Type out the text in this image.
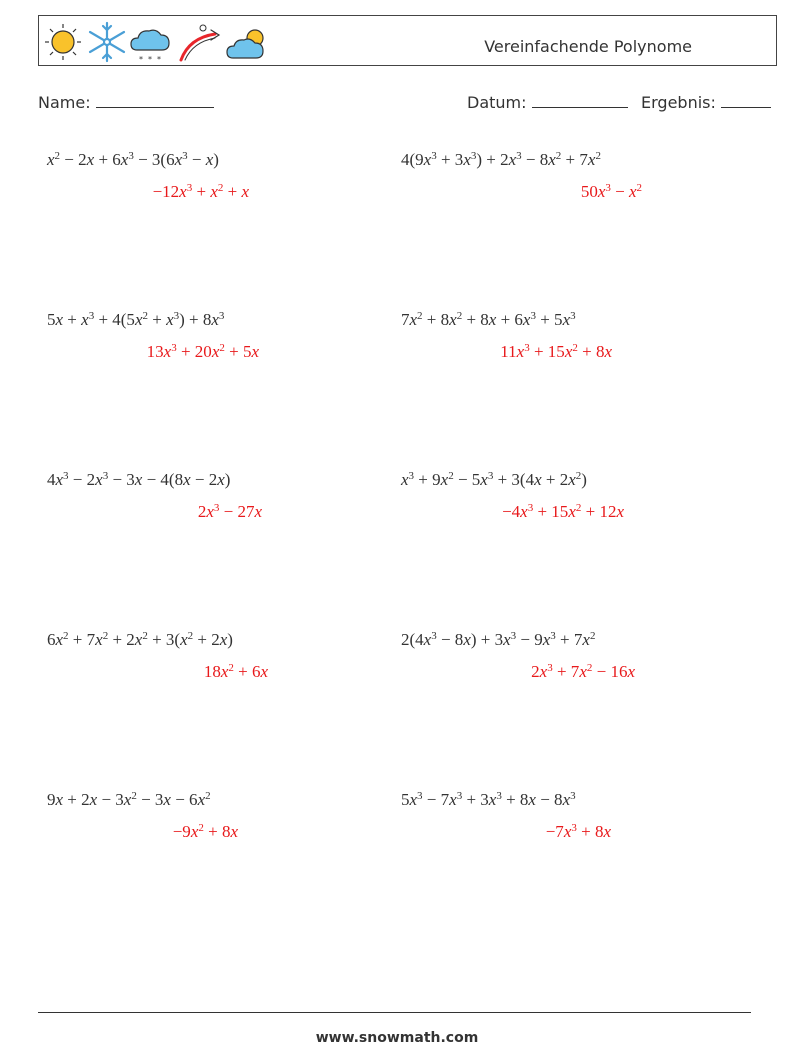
* * *
Vereinfachende Polynome
Name:	Datum:	Ergebnis:
$x^2 - 2x + 6x^3 - 3(6x^3 - x)$
$-12x^3 + x^2 + x$
$4(9x^3 + 3x^3) + 2x^3 - 8x^2 + 7x^2$
$50x^3 - x^2$
$5x + x^3 + 4(5x^2 + x^3) + 8x^3$
$13x^3 + 20x^2 + 5x$
$7x^2 + 8x^2 + 8x + 6x^3 + 5x^3$
$11x^3 + 15x^2 + 8x$
$4x^3 - 2x^3 - 3x - 4(8x - 2x)$
$2x^3 - 27x$
$x^3 + 9x^2 - 5x^3 + 3(4x + 2x^2)$
$-4x^3 + 15x^2 + 12x$
$6x^2 + 7x^2 + 2x^2 + 3(x^2 + 2x)$
$18x^2 + 6x$
$2(4x^3 - 8x) + 3x^3 - 9x^3 + 7x^2$
$2x^3 + 7x^2 - 16x$
$9x + 2x - 3x^2 - 3x - 6x^2$
$-9x^2 + 8x$
$5x^3 - 7x^3 + 3x^3 + 8x - 8x^3$
$-7x^3 + 8x$
www.snowmath.com
